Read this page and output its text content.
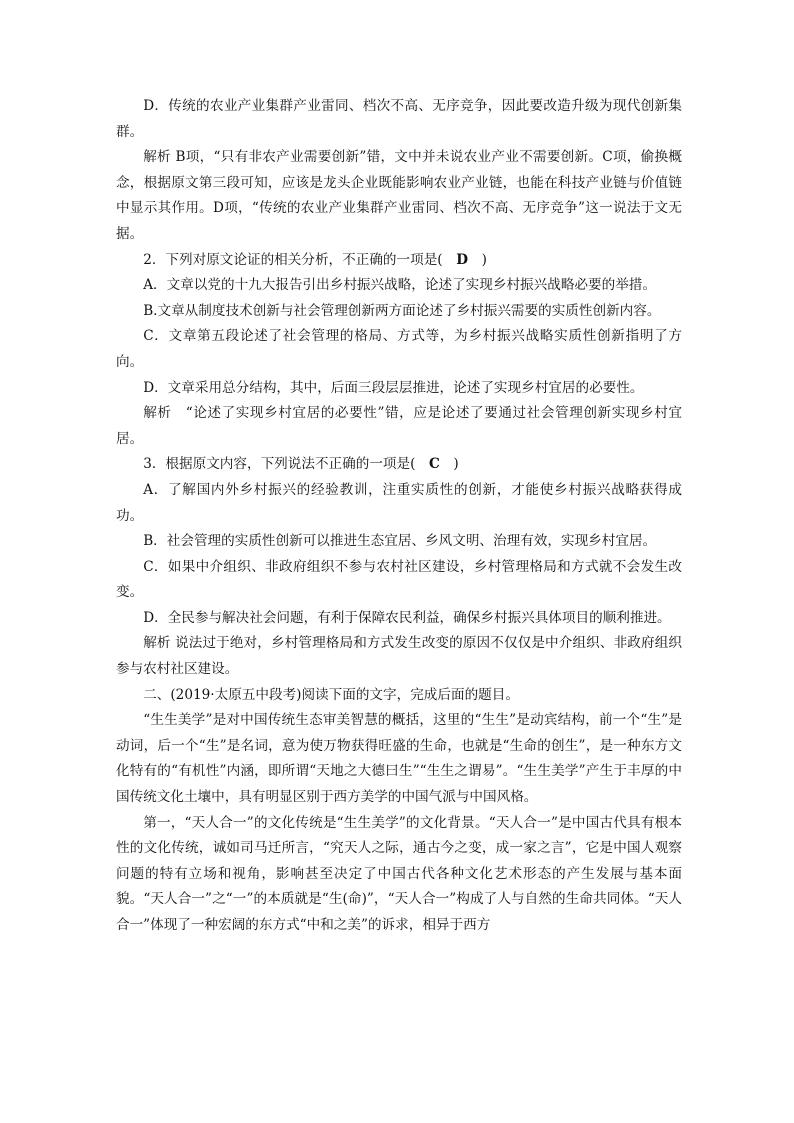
D．传统的农业产业集群产业雷同、档次不高、无序竞争，因此要改造升级为现代创新集群。

解析 B项，“只有非农产业需要创新”错，文中并未说农业产业不需要创新。C项，偷换概念，根据原文第三段可知，应该是龙头企业既能影响农业产业链，也能在科技产业链与价值链中显示其作用。D项，“传统的农业产业集群产业雷同、档次不高、无序竞争”这一说法于文无据。

2．下列对原文论证的相关分析，不正确的一项是(　D　)

A．文章以党的十九大报告引出乡村振兴战略，论述了实现乡村振兴战略必要的举措。

B.文章从制度技术创新与社会管理创新两方面论述了乡村振兴需要的实质性创新内容。

C．文章第五段论述了社会管理的格局、方式等，为乡村振兴战略实质性创新指明了方向。

D．文章采用总分结构，其中，后面三段层层推进，论述了实现乡村宜居的必要性。

解析　“论述了实现乡村宜居的必要性”错，应是论述了要通过社会管理创新实现乡村宜居。

3．根据原文内容，下列说法不正确的一项是(　C　)

A．了解国内外乡村振兴的经验教训，注重实质性的创新，才能使乡村振兴战略获得成功。

B．社会管理的实质性创新可以推进生态宜居、乡风文明、治理有效，实现乡村宜居。

C．如果中介组织、非政府组织不参与农村社区建设，乡村管理格局和方式就不会发生改变。

D．全民参与解决社会问题，有利于保障农民利益，确保乡村振兴具体项目的顺利推进。

解析 说法过于绝对，乡村管理格局和方式发生改变的原因不仅仅是中介组织、非政府组织参与农村社区建设。

二、(2019·太原五中段考)阅读下面的文字，完成后面的题目。

“生生美学”是对中国传统生态审美智慧的概括，这里的“生生”是动宾结构，前一个“生”是动词，后一个“生”是名词，意为使万物获得旺盛的生命，也就是“生命的创生”，是一种东方文化特有的“有机性”内涵，即所谓“天地之大德曰生”“生生之谓易”。“生生美学”产生于丰厚的中国传统文化土壤中，具有明显区别于西方美学的中国气派与中国风格。

第一，“天人合一”的文化传统是“生生美学”的文化背景。“天人合一”是中国古代具有根本性的文化传统，诚如司马迁所言，“究天人之际，通古今之变，成一家之言”，它是中国人观察问题的特有立场和视角，影响甚至决定了中国古代各种文化艺术形态的产生发展与基本面貌。“天人合一”之“一”的本质就是“生(命)”，“天人合一”构成了人与自然的生命共同体。“天人合一”体现了一种宏阔的东方式“中和之美”的诉求，相异于西方
